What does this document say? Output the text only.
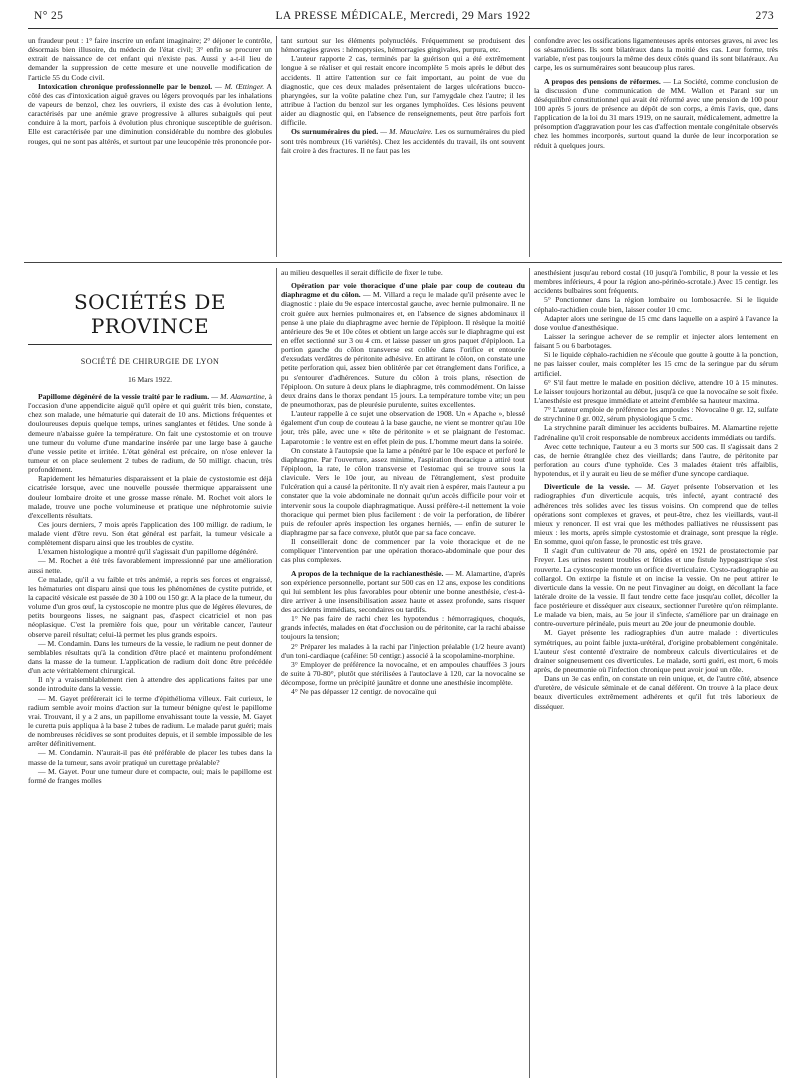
N° 25	LA PRESSE MÉDICALE, Mercredi, 29 Mars 1922	273

un fraudeur peut : 1° faire inscrire un enfant imaginaire; 2° déjoner le contrôle, désormais bien illusoire, du médecin de l'état civil; 3° enfin se procurer un extrait de naissance de cet enfant qui n'existe pas. Aussi y a-t-il lieu de demander la suppression de cette mesure et une nouvelle modification de l'article 55 du Code civil.

Intoxication chronique professionnelle par le benzol. — M. Œttinger. A côté des cas d'intoxication aiguë graves ou légers provoqués par les inhalations de vapeurs de benzol, chez les ouvriers, il existe des cas à évolution lente, caractérisés par une anémie grave progressive à allures subaiguës qui peut conduire à la mort, parfois à évolution plus chronique susceptible de guérison. Elle est caractérisée par une diminution considérable du nombre des globules rouges, qui ne sont pas altérés, et surtout par une leucopénie très prononcée por-

tant surtout sur les éléments polynucléés. Fréquemment se produisent des hémorragies graves : hémoptysies, hémorragies gingivales, purpura, etc.

L'auteur rapporte 2 cas, terminés par la guérison qui a été extrêmement longue à se réaliser et qui restait encore incomplète 5 mois après le début des accidents. Il attire l'attention sur ce fait important, au point de vue du diagnostic, que ces deux malades présentaient de larges ulcérations bucco-pharyngées, sur la voûte palatine chez l'un, sur l'amygdale chez l'autre; il les attribue à l'action du benzol sur les organes lymphoïdes. Ces lésions peuvent aider au diagnostic qui, en l'absence de renseignements, peut être parfois fort difficile.

Os surnuméraires du pied. — M. Mauclaire. Les os surnuméraires du pied sont très nombreux (16 variétés). Chez les accidentés du travail, ils ont souvent fait croire à des fractures. Il ne faut pas les

confondre avec les ossifications ligamenteuses après entorses graves, ni avec les os sésamoïdiens. Ils sont bilatéraux dans la moitié des cas. Leur forme, très variable, n'est pas toujours la même des deux côtés quand ils sont bilatéraux. Au carpe, les os surnuméraires sont beaucoup plus rares.

A propos des pensions de réformes. — La Société, comme conclusion de la discussion d'une communication de MM. Wallon et Paranl sur un déséquilibré constitutionnel qui avait été réformé avec une pension de 100 pour 100 après 5 jours de présence au dépôt de son corps, a émis l'avis, que, dans l'application de la loi du 31 mars 1919, on ne saurait, médicalement, admettre la présomption d'aggravation pour les cas d'affection mentale congénitale observés chez les hommes incorporés, surtout quand la durée de leur incorporation se réduit à quelques jours.

SOCIÉTÉS DE PROVINCE
SOCIÉTÉ DE CHIRURGIE DE LYON
16 Mars 1922.

Papillome dégénéré de la vessie traité par le radium. — M. Alamartine, à l'occasion d'une appendicite aiguë qu'il opère et qui guérit très bien, constate, chez son malade, une hématurie qui daterait de 10 ans. Mictions fréquentes et douloureuses depuis quelque temps, urines sanglantes et fétides. Une sonde à demeure n'abaisse guère la température. On fait une cystostomie et on trouve une tumeur du volume d'une mandarine insérée par une large base à gauche d'une vessie petite et irritée. L'état général est précaire, on n'ose enlever la tumeur et on place seulement 2 tubes de radium, de 50 milligr. chacun, très profondément.

Rapidement les hématuries disparaissent et la plaie de cystostomie est déjà cicatrisée lorsque, avec une nouvelle poussée thermique apparaissent une douleur lombaire droite et une grosse masse rénale. M. Rochet voit alors le malade, trouve une poche volumineuse et pratique une néphrotomie suivie d'excellents résultats.

Ces jours derniers, 7 mois après l'application des 100 milligr. de radium, le malade vient d'être revu. Son état général est parfait, la tumeur vésicale a complètement disparu ainsi que les troubles de cystite.

L'examen histologique a montré qu'il s'agissait d'un papillome dégénéré.

— M. Rochet a été très favorablement impressionné par une amélioration aussi nette.

Ce malade, qu'il a vu faible et très anémié, a repris ses forces et engraissé, les hématuries ont disparu ainsi que tous les phénomènes de cystite putride, et la capacité vésicale est passée de 30 à 100 ou 150 gr. A la place de la tumeur, du volume d'un gros œuf, la cystoscopie ne montre plus que de légères élevures, de petits bourgeons lisses, ne saignant pas, d'aspect cicatriciel et non pas néoplasique. C'est la première fois que, pour un véritable cancer, l'auteur observe pareil résultat; celui-là permet les plus grands espoirs.

— M. Condamin. Dans les tumeurs de la vessie, le radium ne peut donner de semblables résultats qu'à la condition d'être placé et maintenu profondément dans la masse de la tumeur. L'application de radium doit donc être précédée d'un acte véritablement chirurgical.

Il n'y a vraisemblablement rien à attendre des applications faites par une sonde introduite dans la vessie.

— M. Gayet préférerait ici le terme d'épithélioma villeux. Fait curieux, le radium semble avoir moins d'action sur la tumeur bénigne qu'est le papillome vrai. Trouvant, il y a 2 ans, un papillome envahissant toute la vessie, M. Gayet le curetta puis appliqua à la base 2 tubes de radium. Le malade parut guéri; mais de nombreuses récidives se sont produites depuis, et il semble impossible de les arrêter définitivement.

— M. Condamin. N'aurait-il pas été préférable de placer les tubes dans la masse de la tumeur, sans avoir pratiqué un curettage préalable?

— M. Gayet. Pour une tumeur dure et compacte, oui; mais le papillome est formé de franges molles

au milieu desquelles il serait difficile de fixer le tube.

Opération par voie thoracique d'une plaie par coup de couteau du diaphragme et du côlon. — M. Villard a reçu le malade qu'il présente avec le diagnostic : plaie du 9e espace intercostal gauche, avec hernie pulmonaire. Il ne croit guère aux hernies pulmonaires et, en l'absence de signes abdominaux il pense à une plaie du diaphragme avec hernie de l'épiploon. Il résèque la moitié antérieure des 9e et 10e côtes et obtient un large accès sur le diaphragme qui est en effet sectionné sur 3 ou 4 cm. et laisse passer un gros paquet d'épiploon. La portion gauche du côlon transverse est collée dans l'orifice et entourée d'exsudats verdâtres de péritonite adhésive. En attirant le côlon, on constate une petite perforation qui, assez bien oblitérée par cet étranglement dans l'orifice, a pu s'entourer d'adhérences. Suture du côlon à trois plans, résection de l'épiploon. On suture à deux plans le diaphragme, très commodément. On laisse deux drains dans le thorax pendant 15 jours. La température tombe vite; un peu de pneumothorax, pas de pleurésie purulente, suites excellentes.

L'auteur rappelle à ce sujet une observation de 1908. Un « Apache », blessé également d'un coup de couteau à la base gauche, ne vient se montrer qu'au 10e jour, très pâle, avec une « tête de péritonite » et se plaignant de l'estomac. Laparotomie : le ventre est en effet plein de pus. L'homme meurt dans la soirée.

On constate à l'autopsie que la lame a pénétré par le 10e espace et perforé le diaphragme. Par l'ouverture, assez minime, l'aspiration thoracique a attiré tout l'épiploon, la rate, le côlon transverse et l'estomac qui se trouve sous la clavicule. Vers le 10e jour, au niveau de l'étranglement, s'est produite l'ulcération qui a causé la péritonite. Il n'y avait rien à espérer, mais l'auteur a pu constater que la voie abdominale ne donnait qu'un accès difficile pour voir et intervenir sous la coupole diaphragmatique. Aussi préfère-t-il nettement la voie thoracique qui permet bien plus facilement : de voir la perforation, de libérer puis de refouler après inspection les organes herniés, — enfin de suturer le diaphragme par sa face convexe, plutôt que par sa face concave.

Il conseillerait donc de commencer par la voie thoracique et de ne compliquer l'intervention par une opération thoraco-abdominale que pour des cas plus complexes.

A propos de la technique de la rachianesthésie. — M. Alamartine, d'après son expérience personnelle, portant sur 500 cas en 12 ans, expose les conditions qui lui semblent les plus favorables pour obtenir une bonne anesthésie, c'est-à-dire arriver à une insensibilisation assez haute et assez profonde, sans risquer des accidents immédiats, secondaires ou tardifs.

1° Ne pas faire de rachi chez les hypotendus : hémorragiques, choqués, grands infectés, malades en état d'occlusion ou de péritonite, car la rachi abaisse toujours la tension;

2° Préparer les malades à la rachi par l'injection préalable (1/2 heure avant) d'un toni-cardiaque (caféine: 50 centigr.) associé à la scopolamine-morphine.

3° Employer de préférence la novocaïne, et en ampoules chauffées 3 jours de suite à 70-80°, plutôt que stérilisées à l'autoclave à 120, car la novocaïne se décompose, forme un précipité jaunâtre et donne une anesthésie incomplète.

4° Ne pas dépasser 12 centigr. de novocaïne qui

anesthésient jusqu'au rebord costal (10 jusqu'à l'ombilic, 8 pour la vessie et les membres inférieurs, 4 pour la région ano-périnéo-scrotale.) Avec 15 centigr. les accidents bulbaires sont fréquents.

5° Ponctionner dans la région lombaire ou lombosacrée. Si le liquide céphalo-rachidien coule bien, laisser couler 10 cmc.

Adapter alors une seringue de 15 cmc dans laquelle on a aspiré à l'avance la dose voulue d'anesthésique.

Laisser la seringue achever de se remplir et injecter alors lentement en faisant 5 ou 6 barbotages.

Si le liquide céphalo-rachidien ne s'écoule que goutte à goutte à la ponction, ne pas laisser couler, mais compléter les 15 cmc de la seringue par du sérum artificiel.

6° S'il faut mettre le malade en position déclive, attendre 10 à 15 minutes. Le laisser toujours horizontal au début, jusqu'à ce que la novocaïne se soit fixée. L'anesthésie est presque immédiate et atteint d'emblée sa hauteur maxima.

7° L'auteur emploie de préférence les ampoules : Novocaïne 0 gr. 12, sulfate de strychnine 0 gr. 002, sérum physiologique 5 cmc.

La strychnine paraît diminuer les accidents bulbaires. M. Alamartine rejette l'adrénaline qu'il croit responsable de nombreux accidents immédiats ou tardifs.

Avec cette technique, l'auteur a eu 3 morts sur 500 cas. Il s'agissait dans 2 cas, de hernie étranglée chez des vieillards; dans l'autre, de péritonite par perforation au cours d'une typhoïde. Ces 3 malades étaient très affaiblis, hypotendus, et il y aurait eu lieu de se méfier d'une syncope cardiaque.

Diverticule de la vessie. — M. Gayet présente l'observation et les radiographies d'un diverticule acquis, très infecté, ayant contracté des adhérences très solides avec les tissus voisins. On comprend que de telles opérations sont complexes et graves, et peut-être, chez les vieillards, vaut-il mieux y renoncer. Il est vrai que les méthodes palliatives ne réussissent pas mieux : les morts, après simple cystostomie et drainage, sont presque la règle. En somme, quoi qu'on fasse, le pronostic est très grave.

Il s'agit d'un cultivateur de 70 ans, opéré en 1921 de prostatectomie par Freyer. Les urines restent troubles et fétides et une fistule hypogastrique s'est rouverte. La cystoscopie montre un orifice diverticulaire. Cysto-radiographie au collargol. On extirpe la fistule et on incise la vessie. On ne peut attirer le diverticule dans la vessie. On ne peut l'invaginer au doigt, en décollant la face latérale droite de la vessie. Il faut tendre cette face jusqu'au collet, décoller la face postérieure et disséquer aux ciseaux, sectionner l'uretère qu'on réimplante. Le malade va bien, mais, au 5e jour il s'infecte, s'améliore par un drainage en contre-ouverture périnéale, puis meurt au 20e jour de pneumonie double.

M. Gayet présente les radiographies d'un autre malade : diverticules symétriques, au point faible juxta-urétéral, d'origine probablement congénitale. L'auteur s'est contenté d'extraire de nombreux calculs diverticulaires et de drainer soigneusement ces diverticules. Le malade, sorti guéri, est mort, 6 mois après, de pneumonie où l'infection chronique peut avoir joué un rôle.

Dans un 3e cas enfin, on constate un rein unique, et, de l'autre côté, absence d'uretère, de vésicule séminale et de canal déférent. On trouve à la place deux beaux diverticules extrêmement adhérents et qu'il fut très laborieux de disséquer.
